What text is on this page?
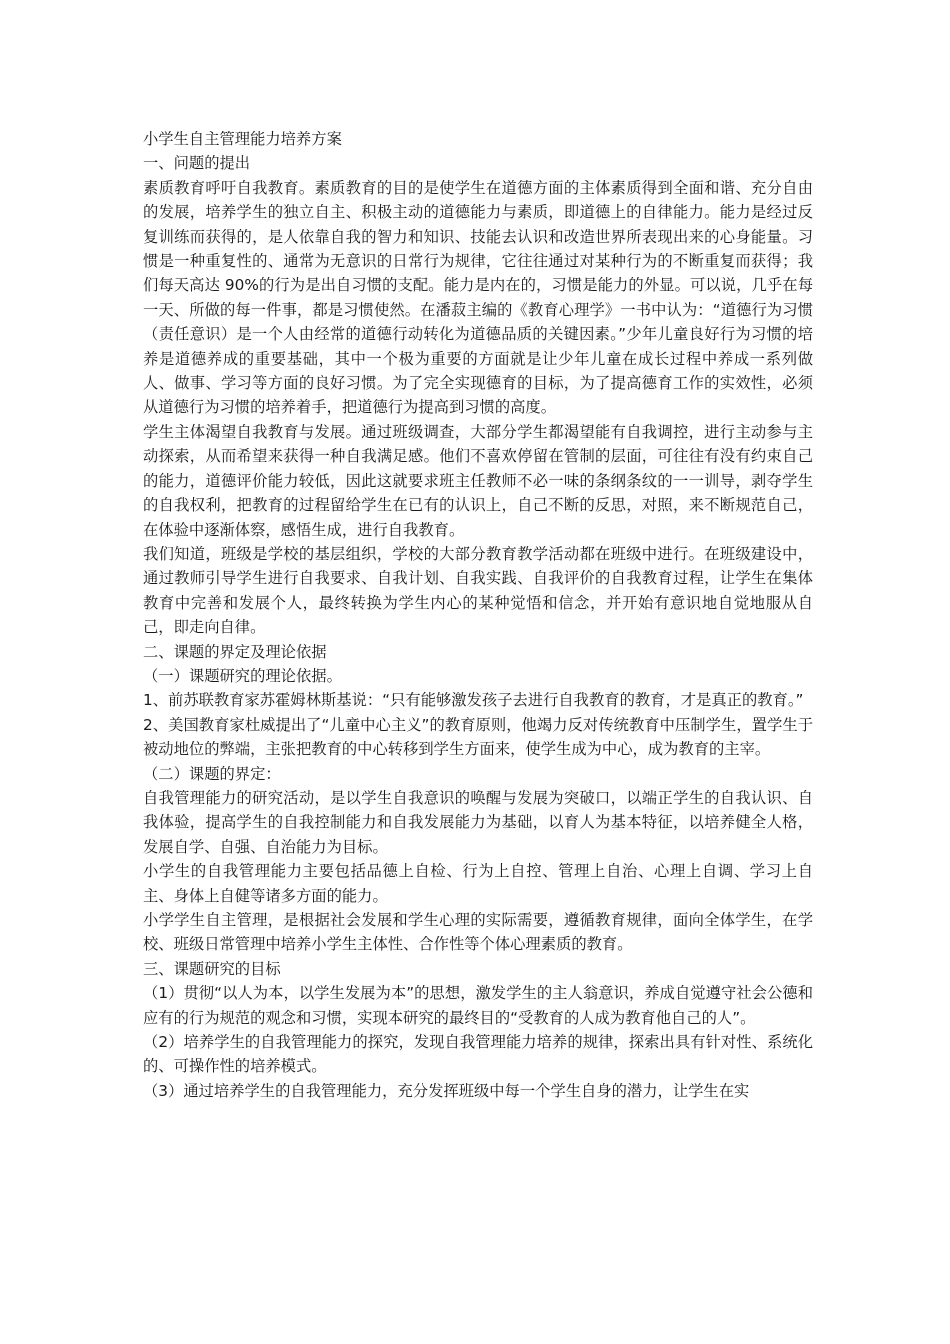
小学生自主管理能力培养方案

一、问题的提出

素质教育呼吁自我教育。素质教育的目的是使学生在道德方面的主体素质得到全面和谐、充分自由的发展，培养学生的独立自主、积极主动的道德能力与素质，即道德上的自律能力。能力是经过反复训练而获得的，是人依靠自我的智力和知识、技能去认识和改造世界所表现出来的心身能量。习惯是一种重复性的、通常为无意识的日常行为规律，它往往通过对某种行为的不断重复而获得；我们每天高达 90%的行为是出自习惯的支配。能力是内在的，习惯是能力的外显。可以说，几乎在每一天、所做的每一件事，都是习惯使然。在潘菽主编的《教育心理学》一书中认为：“道德行为习惯（责任意识）是一个人由经常的道德行动转化为道德品质的关键因素。”少年儿童良好行为习惯的培养是道德养成的重要基础，其中一个极为重要的方面就是让少年儿童在成长过程中养成一系列做人、做事、学习等方面的良好习惯。为了完全实现德育的目标，为了提高德育工作的实效性，必须从道德行为习惯的培养着手，把道德行为提高到习惯的高度。

学生主体渴望自我教育与发展。通过班级调查，大部分学生都渴望能有自我调控，进行主动参与主动探索，从而希望来获得一种自我满足感。他们不喜欢停留在管制的层面，可往往有没有约束自己的能力，道德评价能力较低，因此这就要求班主任教师不必一味的条纲条纹的一一训导，剥夺学生的自我权利，把教育的过程留给学生在已有的认识上，自己不断的反思，对照，来不断规范自己，在体验中逐渐体察，感悟生成，进行自我教育。

我们知道，班级是学校的基层组织，学校的大部分教育教学活动都在班级中进行。在班级建设中，通过教师引导学生进行自我要求、自我计划、自我实践、自我评价的自我教育过程，让学生在集体教育中完善和发展个人，最终转换为学生内心的某种觉悟和信念，并开始有意识地自觉地服从自己，即走向自律。

二、课题的界定及理论依据

（一）课题研究的理论依据。

1、前苏联教育家苏霍姆林斯基说：“只有能够激发孩子去进行自我教育的教育，才是真正的教育。”

2、美国教育家杜威提出了“儿童中心主义”的教育原则，他竭力反对传统教育中压制学生，置学生于被动地位的弊端，主张把教育的中心转移到学生方面来，使学生成为中心，成为教育的主宰。

（二）课题的界定：

自我管理能力的研究活动，是以学生自我意识的唤醒与发展为突破口，以端正学生的自我认识、自我体验，提高学生的自我控制能力和自我发展能力为基础，以育人为基本特征，以培养健全人格，发展自学、自强、自治能力为目标。

小学生的自我管理能力主要包括品德上自检、行为上自控、管理上自治、心理上自调、学习上自主、身体上自健等诸多方面的能力。

小学学生自主管理，是根据社会发展和学生心理的实际需要，遵循教育规律，面向全体学生，在学校、班级日常管理中培养小学生主体性、合作性等个体心理素质的教育。

三、课题研究的目标

（1）贯彻“以人为本，以学生发展为本”的思想，激发学生的主人翁意识，养成自觉遵守社会公德和应有的行为规范的观念和习惯，实现本研究的最终目的“受教育的人成为教育他自己的人”。

（2）培养学生的自我管理能力的探究，发现自我管理能力培养的规律，探索出具有针对性、系统化的、可操作性的培养模式。

（3）通过培养学生的自我管理能力，充分发挥班级中每一个学生自身的潜力，让学生在实
